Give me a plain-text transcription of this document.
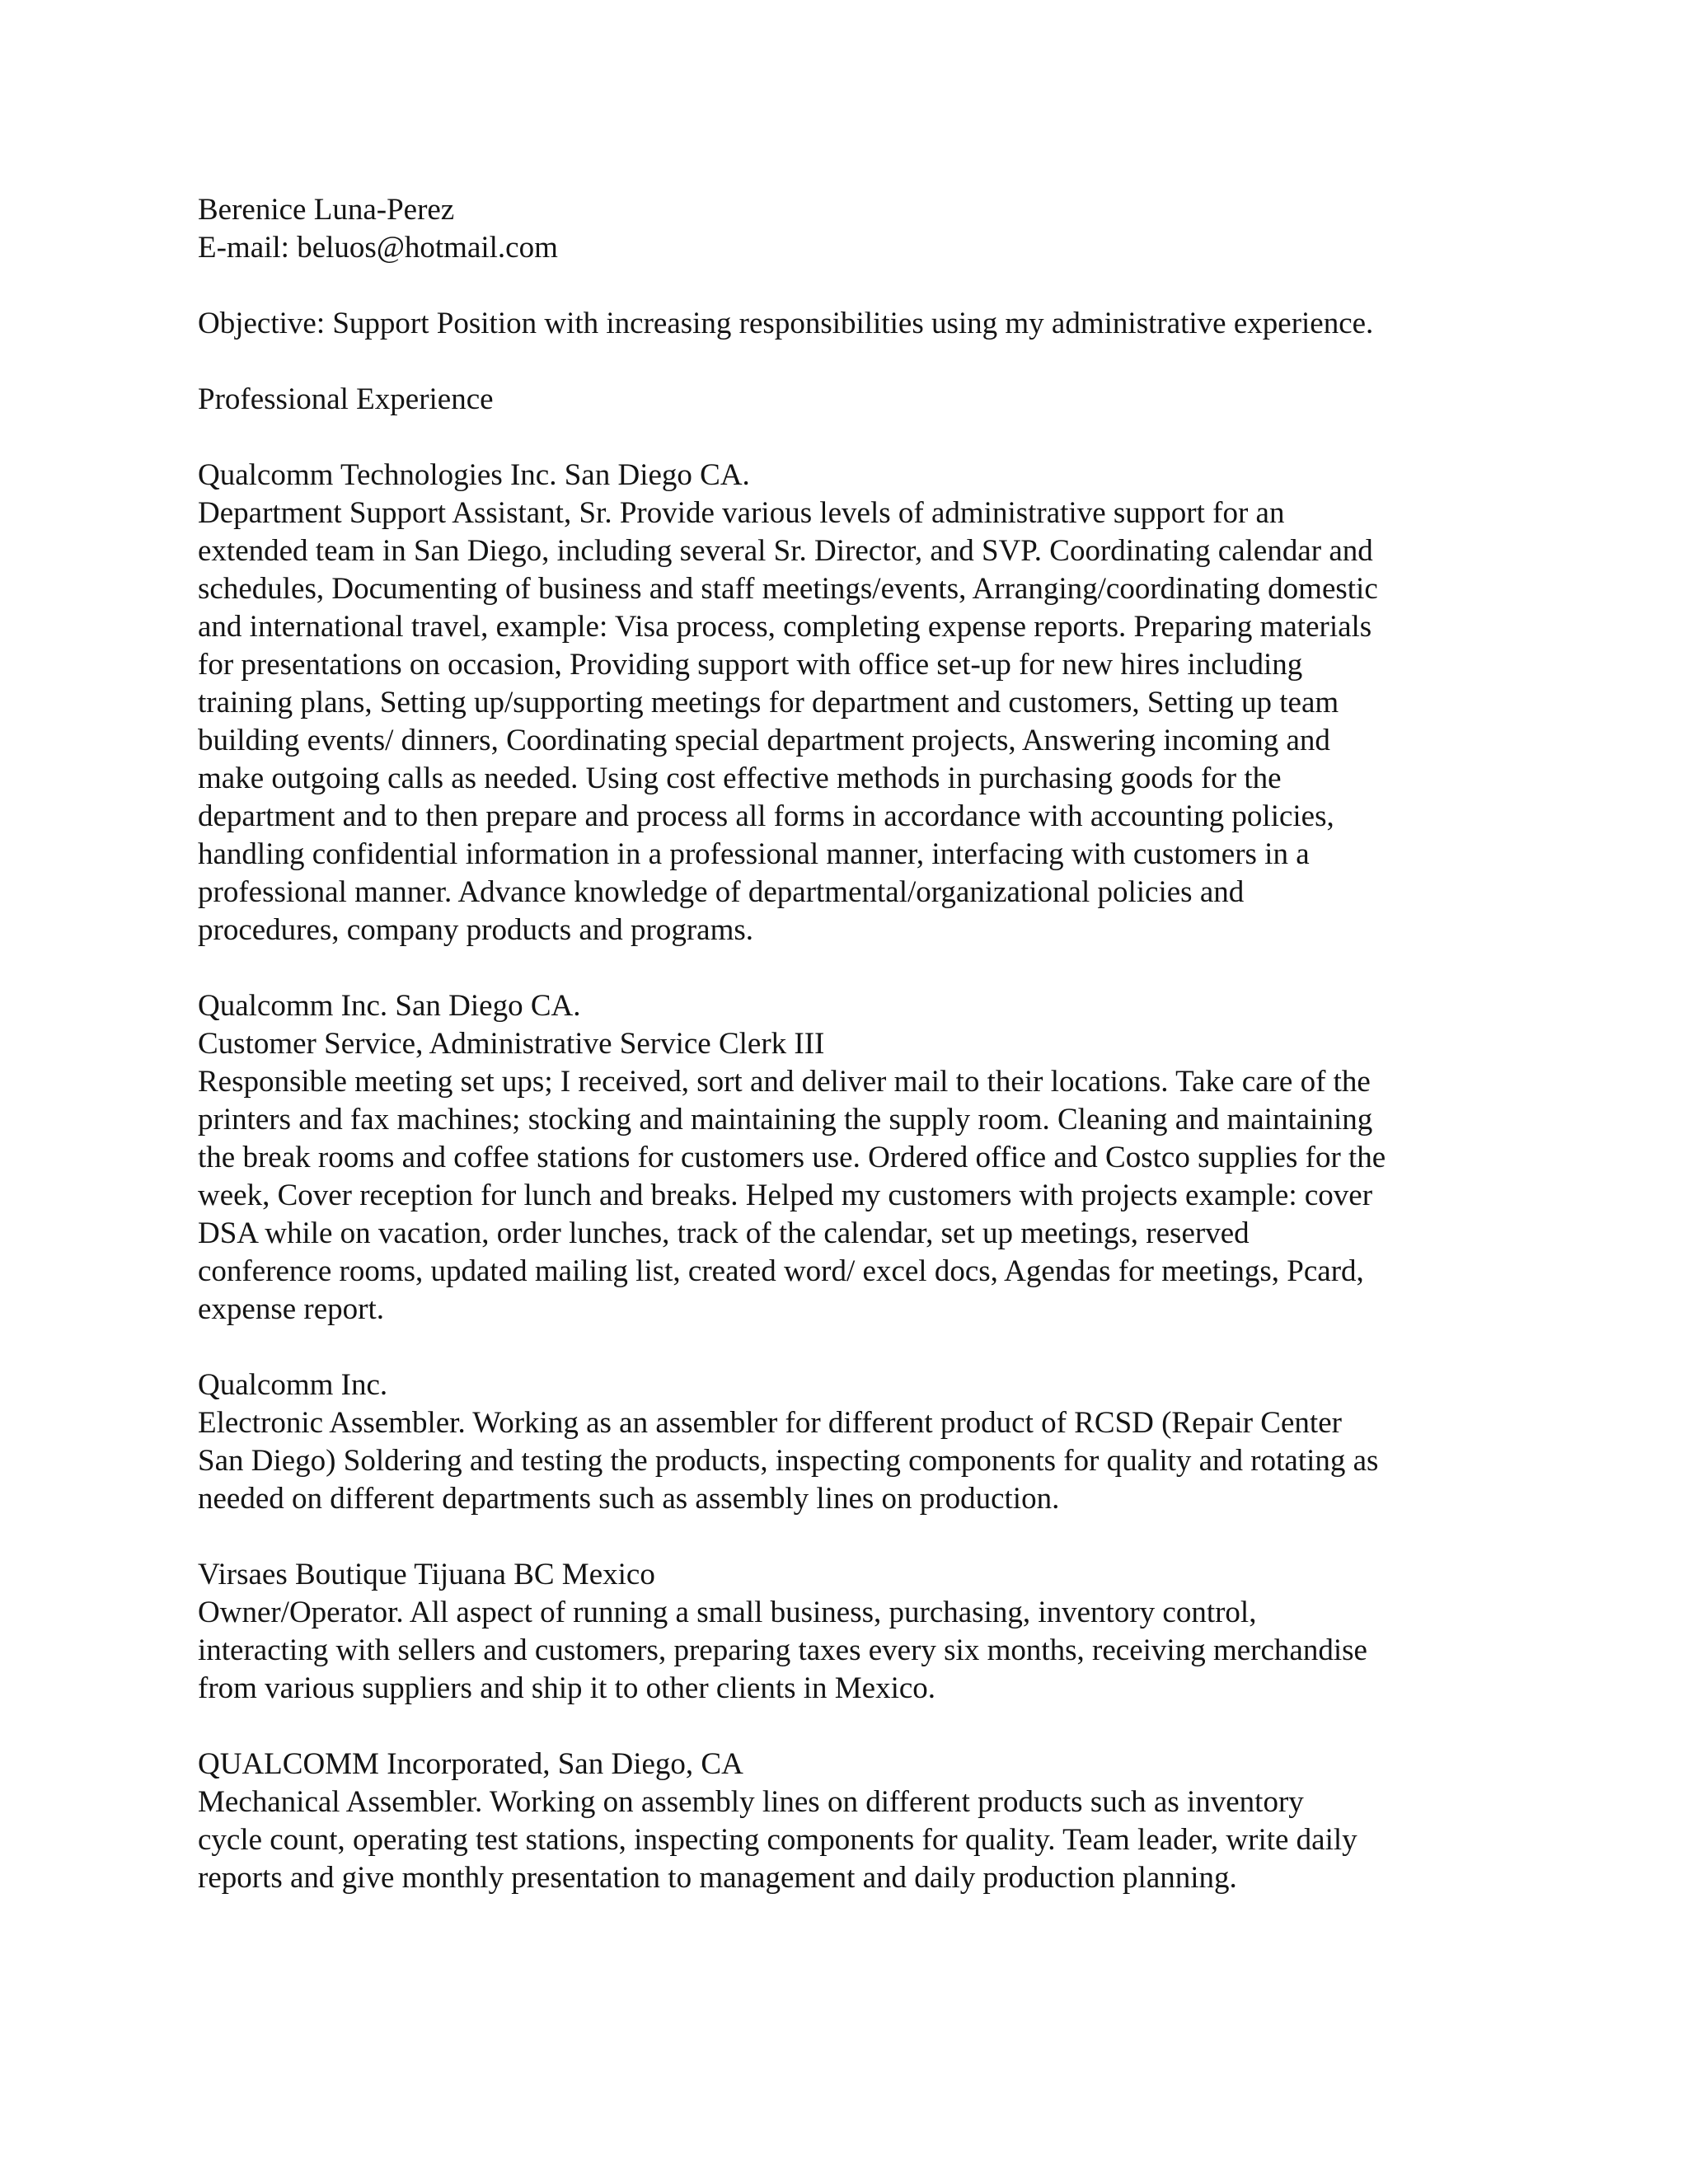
Berenice Luna-Perez
E-mail: beluos@hotmail.com
Objective: Support Position with increasing responsibilities using my administrative experience.
Professional Experience
Qualcomm Technologies Inc. San Diego CA.
Department Support Assistant, Sr. Provide various levels of administrative support for an
extended team in San Diego, including several Sr. Director, and SVP. Coordinating calendar and
schedules, Documenting of business and staff meetings/events, Arranging/coordinating domestic
and international travel, example: Visa process, completing expense reports. Preparing materials
for presentations on occasion, Providing support with office set-up for new hires including
training plans, Setting up/supporting meetings for department and customers, Setting up team
building events/ dinners, Coordinating special department projects, Answering incoming and
make outgoing calls as needed. Using cost effective methods in purchasing goods for the
department and to then prepare and process all forms in accordance with accounting policies,
handling confidential information in a professional manner, interfacing with customers in a
professional manner. Advance knowledge of departmental/organizational policies and
procedures, company products and programs.
Qualcomm Inc. San Diego CA.
Customer Service, Administrative Service Clerk III
Responsible meeting set ups; I received, sort and deliver mail to their locations. Take care of the
printers and fax machines; stocking and maintaining the supply room. Cleaning and maintaining
the break rooms and coffee stations for customers use. Ordered office and Costco supplies for the
week, Cover reception for lunch and breaks. Helped my customers with projects example: cover
DSA while on vacation, order lunches, track of the calendar, set up meetings, reserved
conference rooms, updated mailing list, created word/ excel docs, Agendas for meetings, Pcard,
expense report.
Qualcomm Inc.
Electronic Assembler. Working as an assembler for different product of RCSD (Repair Center
San Diego) Soldering and testing the products, inspecting components for quality and rotating as
needed on different departments such as assembly lines on production.
Virsaes Boutique Tijuana BC Mexico
Owner/Operator. All aspect of running a small business, purchasing, inventory control,
interacting with sellers and customers, preparing taxes every six months, receiving merchandise
from various suppliers and ship it to other clients in Mexico.
QUALCOMM Incorporated, San Diego, CA
Mechanical Assembler. Working on assembly lines on different products such as inventory
cycle count, operating test stations, inspecting components for quality. Team leader, write daily
reports and give monthly presentation to management and daily production planning.
